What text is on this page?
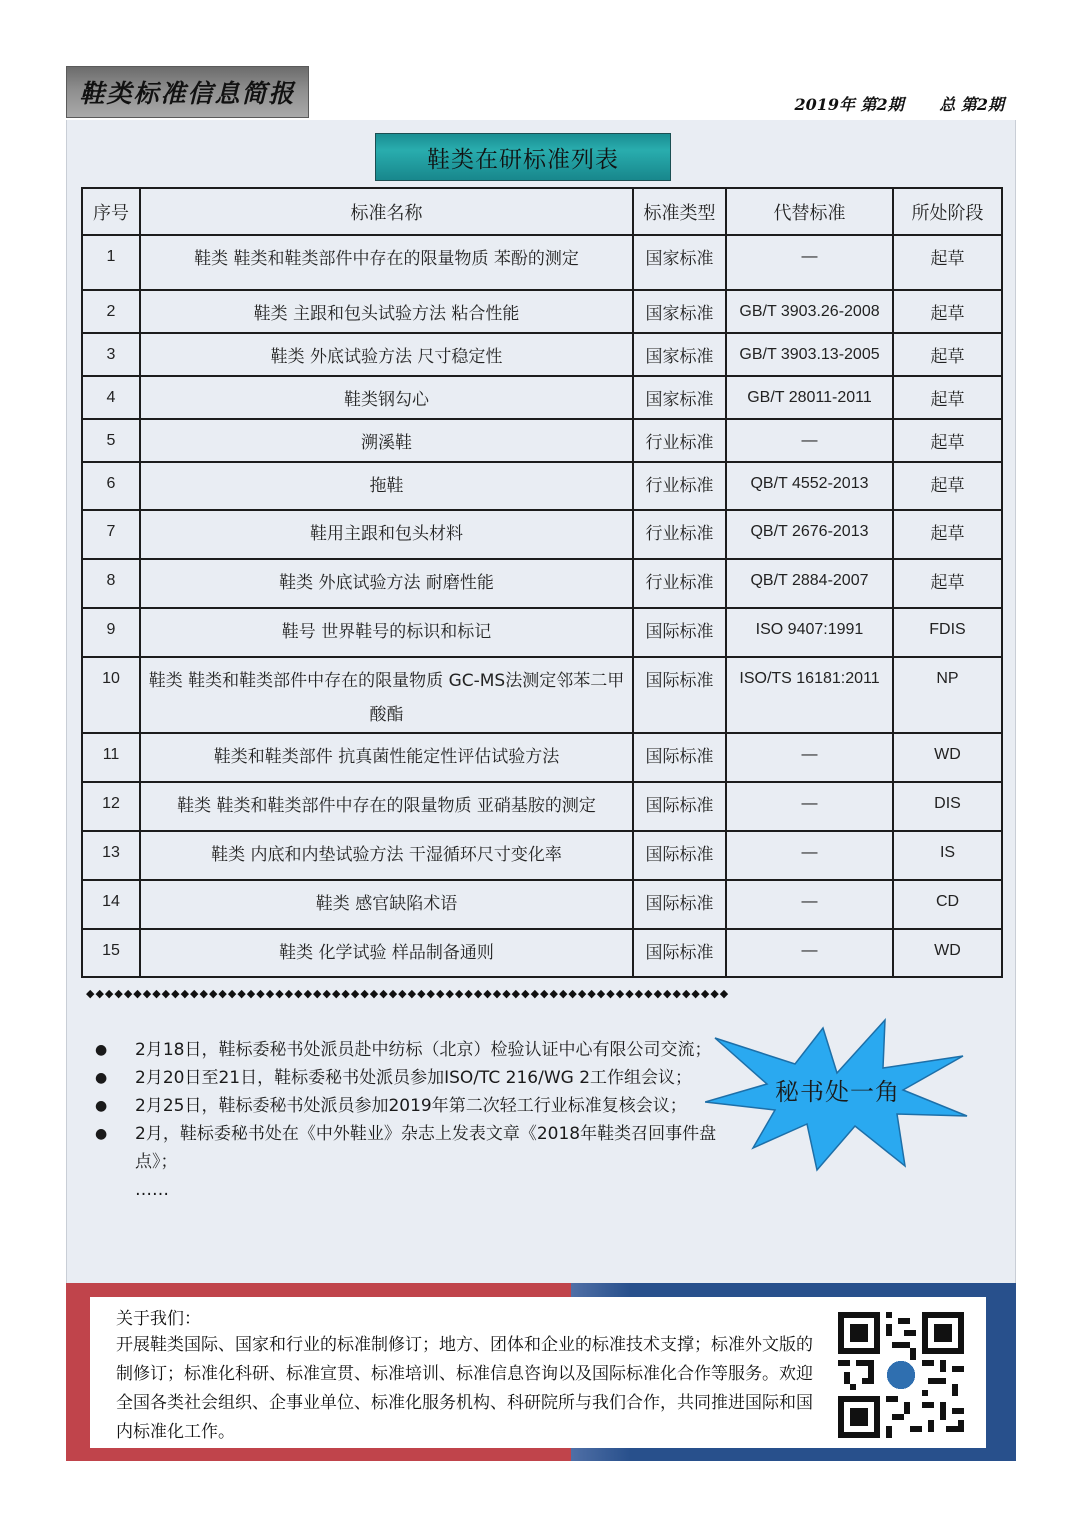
鞋类标准信息简报	2019年 第2期 总 第2期
鞋类在研标准列表
序号	标准名称	标准类型	代替标准	所处阶段
1	鞋类 鞋类和鞋类部件中存在的限量物质 苯酚的测定	国家标准	—	起草
2	鞋类 主跟和包头试验方法 粘合性能	国家标准	GB/T 3903.26-2008	起草
3	鞋类 外底试验方法 尺寸稳定性	国家标准	GB/T 3903.13-2005	起草
4	鞋类钢勾心	国家标准	GB/T 28011-2011	起草
5	溯溪鞋	行业标准	—	起草
6	拖鞋	行业标准	QB/T 4552-2013	起草
7	鞋用主跟和包头材料	行业标准	QB/T 2676-2013	起草
8	鞋类 外底试验方法 耐磨性能	行业标准	QB/T 2884-2007	起草
9	鞋号 世界鞋号的标识和标记	国际标准	ISO 9407:1991	FDIS
10	鞋类 鞋类和鞋类部件中存在的限量物质 GC-MS法测定邻苯二甲酸酯	国际标准	ISO/TS 16181:2011	NP
11	鞋类和鞋类部件 抗真菌性能定性评估试验方法	国际标准	—	WD
12	鞋类 鞋类和鞋类部件中存在的限量物质 亚硝基胺的测定	国际标准	—	DIS
13	鞋类 内底和内垫试验方法 干湿循环尺寸变化率	国际标准	—	IS
14	鞋类 感官缺陷术语	国际标准	—	CD
15	鞋类 化学试验 样品制备通则	国际标准	—	WD
◆◆◆◆◆◆◆◆◆◆◆◆◆◆◆◆◆◆◆◆◆◆◆◆◆◆◆◆◆◆◆◆◆◆◆◆◆◆◆◆◆◆◆◆◆◆◆◆◆◆◆◆◆◆◆◆◆◆◆◆◆◆◆◆◆◆◆◆
●	2月18日，鞋标委秘书处派员赴中纺标（北京）检验认证中心有限公司交流；
●	2月20日至21日，鞋标委秘书处派员参加ISO/TC 216/WG 2工作组会议；
●	2月25日，鞋标委秘书处派员参加2019年第二次轻工行业标准复核会议；
●	2月，鞋标委秘书处在《中外鞋业》杂志上发表文章《2018年鞋类召回事件盘点》；
……
秘书处一角
关于我们：
开展鞋类国际、国家和行业的标准制修订；地方、团体和企业的标准技术支撑；标准外文版的制修订；标准化科研、标准宣贯、标准培训、标准信息咨询以及国际标准化合作等服务。欢迎全国各类社会组织、企事业单位、标准化服务机构、科研院所与我们合作，共同推进国际和国内标准化工作。
